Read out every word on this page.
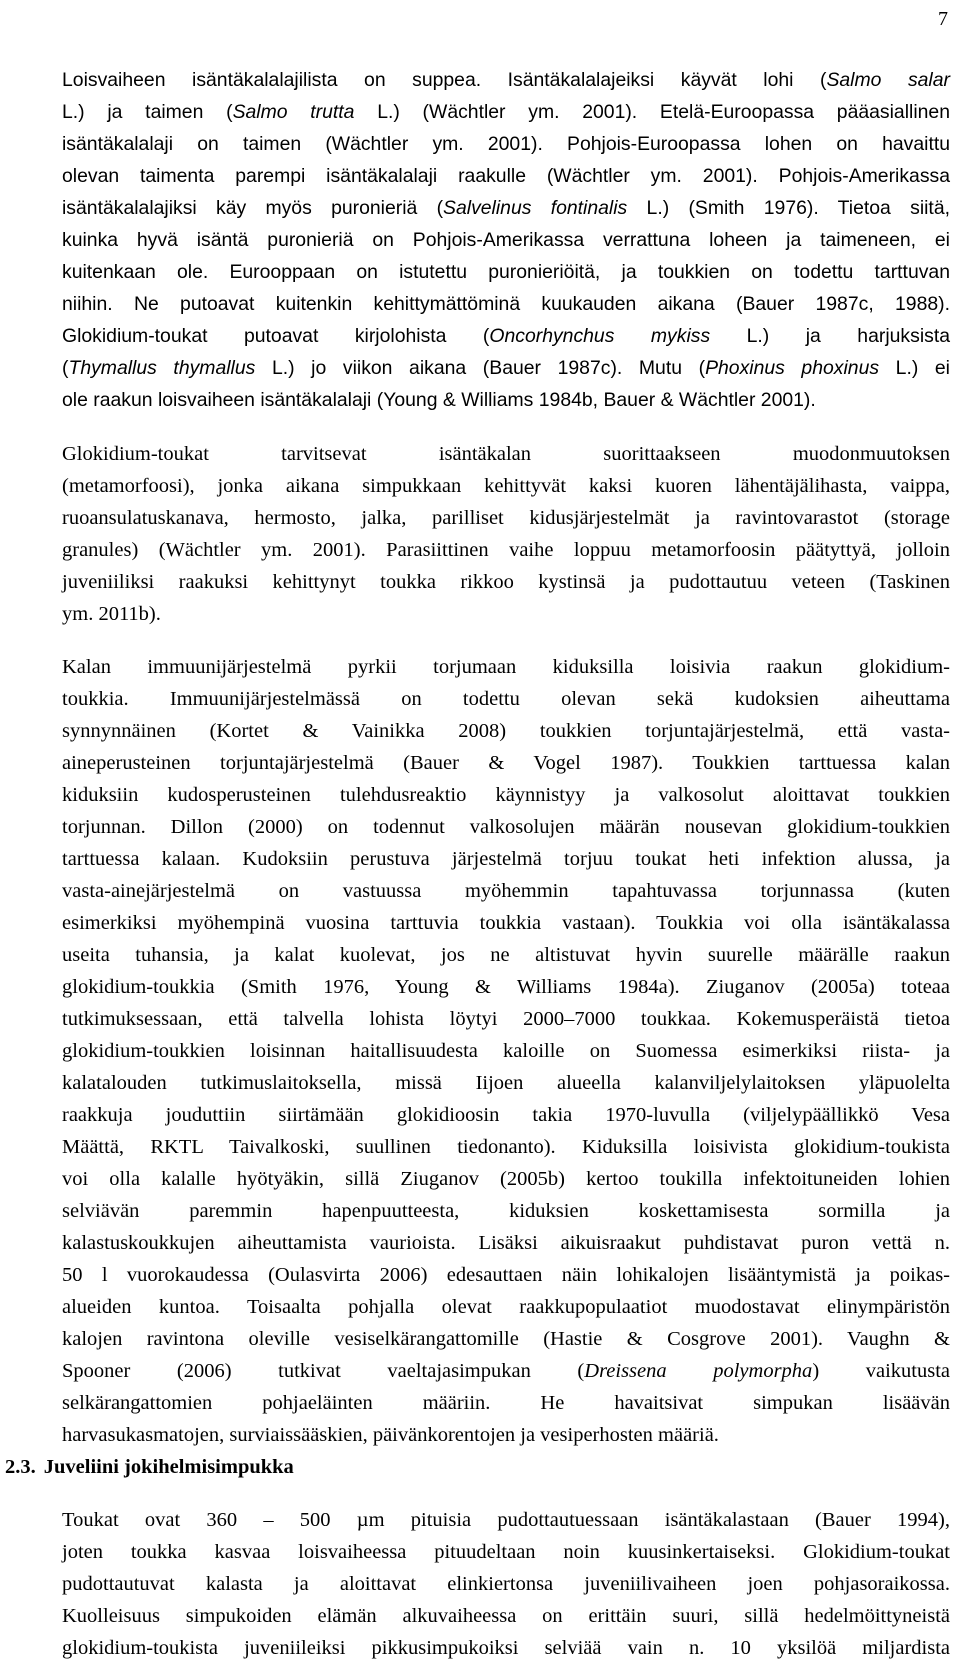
7

Loisvaiheen isäntäkalalajilista on suppea. Isäntäkalalajeiksi käyvät lohi (Salmo salar
L.) ja taimen (Salmo trutta L.) (Wächtler ym. 2001). Etelä-Euroopassa pääasiallinen
isäntäkalalaji on taimen (Wächtler ym. 2001). Pohjois-Euroopassa lohen on havaittu
olevan taimenta parempi isäntäkalalaji raakulle (Wächtler ym. 2001). Pohjois-Amerikassa
isäntäkalalajiksi käy myös puronieriä (Salvelinus fontinalis L.) (Smith 1976). Tietoa siitä,
kuinka hyvä isäntä puronieriä on Pohjois-Amerikassa verrattuna loheen ja taimeneen, ei
kuitenkaan ole. Eurooppaan on istutettu puronieriöitä, ja toukkien on todettu tarttuvan
niihin. Ne putoavat kuitenkin kehittymättöminä kuukauden aikana (Bauer 1987c, 1988).
Glokidium-toukat putoavat kirjolohista (Oncorhynchus mykiss L.) ja harjuksista
(Thymallus thymallus L.) jo viikon aikana (Bauer 1987c). Mutu (Phoxinus phoxinus L.) ei
ole raakun loisvaiheen isäntäkalalaji (Young & Williams 1984b, Bauer & Wächtler 2001).

Glokidium-toukat tarvitsevat isäntäkalan suorittaakseen muodonmuutoksen
(metamorfoosi), jonka aikana simpukkaan kehittyvät kaksi kuoren lähentäjälihasta, vaippa,
ruoansulatuskanava, hermosto, jalka, parilliset kidusjärjestelmät ja ravintovarastot (storage
granules) (Wächtler ym. 2001). Parasiittinen vaihe loppuu metamorfoosin päätyttyä, jolloin
juveniiliksi raakuksi kehittynyt toukka rikkoo kystinsä ja pudottautuu veteen (Taskinen
ym. 2011b).

Kalan immuunijärjestelmä pyrkii torjumaan kiduksilla loisivia raakun glokidium-
toukkia. Immuunijärjestelmässä on todettu olevan sekä kudoksien aiheuttama
synnynnäinen (Kortet & Vainikka 2008) toukkien torjuntajärjestelmä, että vasta-
aineperusteinen torjuntajärjestelmä (Bauer & Vogel 1987). Toukkien tarttuessa kalan
kiduksiin kudosperusteinen tulehdusreaktio käynnistyy ja valkosolut aloittavat toukkien
torjunnan. Dillon (2000) on todennut valkosolujen määrän nousevan glokidium-toukkien
tarttuessa kalaan. Kudoksiin perustuva järjestelmä torjuu toukat heti infektion alussa, ja
vasta-ainejärjestelmä on vastuussa myöhemmin tapahtuvassa torjunnassa (kuten
esimerkiksi myöhempinä vuosina tarttuvia toukkia vastaan). Toukkia voi olla isäntäkalassa
useita tuhansia, ja kalat kuolevat, jos ne altistuvat hyvin suurelle määrälle raakun
glokidium-toukkia (Smith 1976, Young & Williams 1984a). Ziuganov (2005a) toteaa
tutkimuksessaan, että talvella lohista löytyi 2000–7000 toukkaa. Kokemusperäistä tietoa
glokidium-toukkien loisinnan haitallisuudesta kaloille on Suomessa esimerkiksi riista- ja
kalatalouden tutkimuslaitoksella, missä Iijoen alueella kalanviljelylaitoksen yläpuolelta
raakkuja jouduttiin siirtämään glokidioosin takia 1970-luvulla (viljelypäällikkö Vesa
Määttä, RKTL Taivalkoski, suullinen tiedonanto). Kiduksilla loisivista glokidium-toukista
voi olla kalalle hyötyäkin, sillä Ziuganov (2005b) kertoo toukilla infektoituneiden lohien
selviävän paremmin hapenpuutteesta, kiduksien koskettamisesta sormilla ja
kalastuskoukkujen aiheuttamista vaurioista. Lisäksi aikuisraakut puhdistavat puron vettä n.
50 l vuorokaudessa (Oulasvirta 2006) edesauttaen näin lohikalojen lisääntymistä ja poikas-
alueiden kuntoa. Toisaalta pohjalla olevat raakkupopulaatiot muodostavat elinympäristön
kalojen ravintona oleville vesiselkärangattomille (Hastie & Cosgrove 2001). Vaughn &
Spooner (2006) tutkivat vaeltajasimpukan (Dreissena polymorpha) vaikutusta
selkärangattomien pohjaeläinten määriin. He havaitsivat simpukan lisäävän
harvasukasmatojen, surviaissääskien, päivänkorentojen ja vesiperhosten määriä.

2.3. Juveliini jokihelmisimpukka

Toukat ovat 360 – 500 µm pituisia pudottautuessaan isäntäkalastaan (Bauer 1994),
joten toukka kasvaa loisvaiheessa pituudeltaan noin kuusinkertaiseksi. Glokidium-toukat
pudottautuvat kalasta ja aloittavat elinkiertonsa juveniilivaiheen joen pohjasoraikossa.
Kuolleisuus simpukoiden elämän alkuvaiheessa on erittäin suuri, sillä hedelmöittyneistä
glokidium-toukista juveniileiksi pikkusimpukoiksi selviää vain n. 10 yksilöä miljardista
